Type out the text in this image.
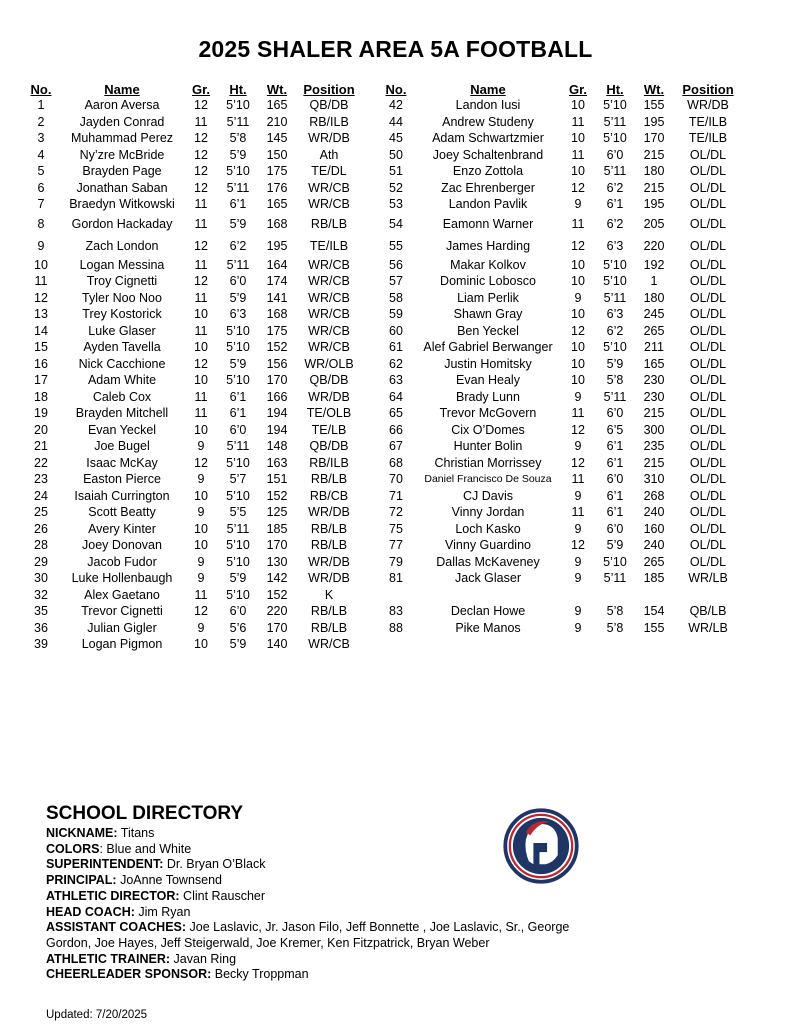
2025 SHALER AREA 5A FOOTBALL
No.	Name	Gr.	Ht.	Wt.	Position
1	Aaron Aversa	12	5’10	165	QB/DB
2	Jayden Conrad	11	5’11	210	RB/ILB
3	Muhammad Perez	12	5’8	145	WR/DB
4	Ny’zre McBride	12	5’9	150	Ath
5	Brayden Page	12	5’10	175	TE/DL
6	Jonathan Saban	12	5’11	176	WR/CB
7	Braedyn Witkowski	11	6’1	165	WR/CB
8	Gordon Hackaday	11	5’9	168	RB/LB
9	Zach London	12	6’2	195	TE/ILB
10	Logan Messina	11	5’11	164	WR/CB
11	Troy Cignetti	12	6’0	174	WR/CB
12	Tyler Noo Noo	11	5’9	141	WR/CB
13	Trey Kostorick	10	6’3	168	WR/CB
14	Luke Glaser	11	5’10	175	WR/CB
15	Ayden Tavella	10	5’10	152	WR/CB
16	Nick Cacchione	12	5’9	156	WR/OLB
17	Adam White	10	5’10	170	QB/DB
18	Caleb Cox	11	6’1	166	WR/DB
19	Brayden Mitchell	11	6’1	194	TE/OLB
20	Evan Yeckel	10	6’0	194	TE/LB
21	Joe Bugel	9	5’11	148	QB/DB
22	Isaac McKay	12	5’10	163	RB/ILB
23	Easton Pierce	9	5’7	151	RB/LB
24	Isaiah Currington	10	5’10	152	RB/CB
25	Scott Beatty	9	5’5	125	WR/DB
26	Avery Kinter	10	5’11	185	RB/LB
28	Joey Donovan	10	5’10	170	RB/LB
29	Jacob Fudor	9	5’10	130	WR/DB
30	Luke Hollenbaugh	9	5’9	142	WR/DB
32	Alex Gaetano	11	5’10	152	K
35	Trevor Cignetti	12	6’0	220	RB/LB
36	Julian Gigler	9	5’6	170	RB/LB
39	Logan Pigmon	10	5’9	140	WR/CB
No.	Name	Gr.	Ht.	Wt.	Position
42	Landon Iusi	10	5’10	155	WR/DB
44	Andrew Studeny	11	5’11	195	TE/ILB
45	Adam Schwartzmier	10	5’10	170	TE/ILB
50	Joey Schaltenbrand	11	6’0	215	OL/DL
51	Enzo Zottola	10	5’11	180	OL/DL
52	Zac Ehrenberger	12	6’2	215	OL/DL
53	Landon Pavlik	9	6’1	195	OL/DL
54	Eamonn Warner	11	6’2	205	OL/DL
55	James Harding	12	6’3	220	OL/DL
56	Makar Kolkov	10	5’10	192	OL/DL
57	Dominic Lobosco	10	5’10	1	OL/DL
58	Liam Perlik	9	5’11	180	OL/DL
59	Shawn Gray	10	6’3	245	OL/DL
60	Ben Yeckel	12	6’2	265	OL/DL
61	Alef Gabriel Berwanger	10	5’10	211	OL/DL
62	Justin Homitsky	10	5’9	165	OL/DL
63	Evan Healy	10	5’8	230	OL/DL
64	Brady Lunn	9	5’11	230	OL/DL
65	Trevor McGovern	11	6’0	215	OL/DL
66	Cix O’Domes	12	6’5	300	OL/DL
67	Hunter Bolin	9	6’1	235	OL/DL
68	Christian Morrissey	12	6’1	215	OL/DL
70	Daniel Francisco De Souza	11	6’0	310	OL/DL
71	CJ Davis	9	6’1	268	OL/DL
72	Vinny Jordan	11	6’1	240	OL/DL
75	Loch Kasko	9	6’0	160	OL/DL
77	Vinny Guardino	12	5’9	240	OL/DL
79	Dallas McKaveney	9	5’10	265	OL/DL
81	Jack Glaser	9	5’11	185	WR/LB

83	Declan Howe	9	5’8	154	QB/LB
88	Pike Manos	9	5’8	155	WR/LB
SCHOOL DIRECTORY
NICKNAME: Titans
COLORS: Blue and White
SUPERINTENDENT: Dr. Bryan O’Black
PRINCIPAL: JoAnne Townsend
ATHLETIC DIRECTOR: Clint Rauscher
HEAD COACH: Jim Ryan
ASSISTANT COACHES: Joe Laslavic, Jr. Jason Filo, Jeff Bonnette , Joe Laslavic, Sr., George Gordon, Joe Hayes, Jeff Steigerwald, Joe Kremer, Ken Fitzpatrick, Bryan Weber
ATHLETIC TRAINER: Javan Ring
CHEERLEADER SPONSOR: Becky Troppman
Updated: 7/20/2025
